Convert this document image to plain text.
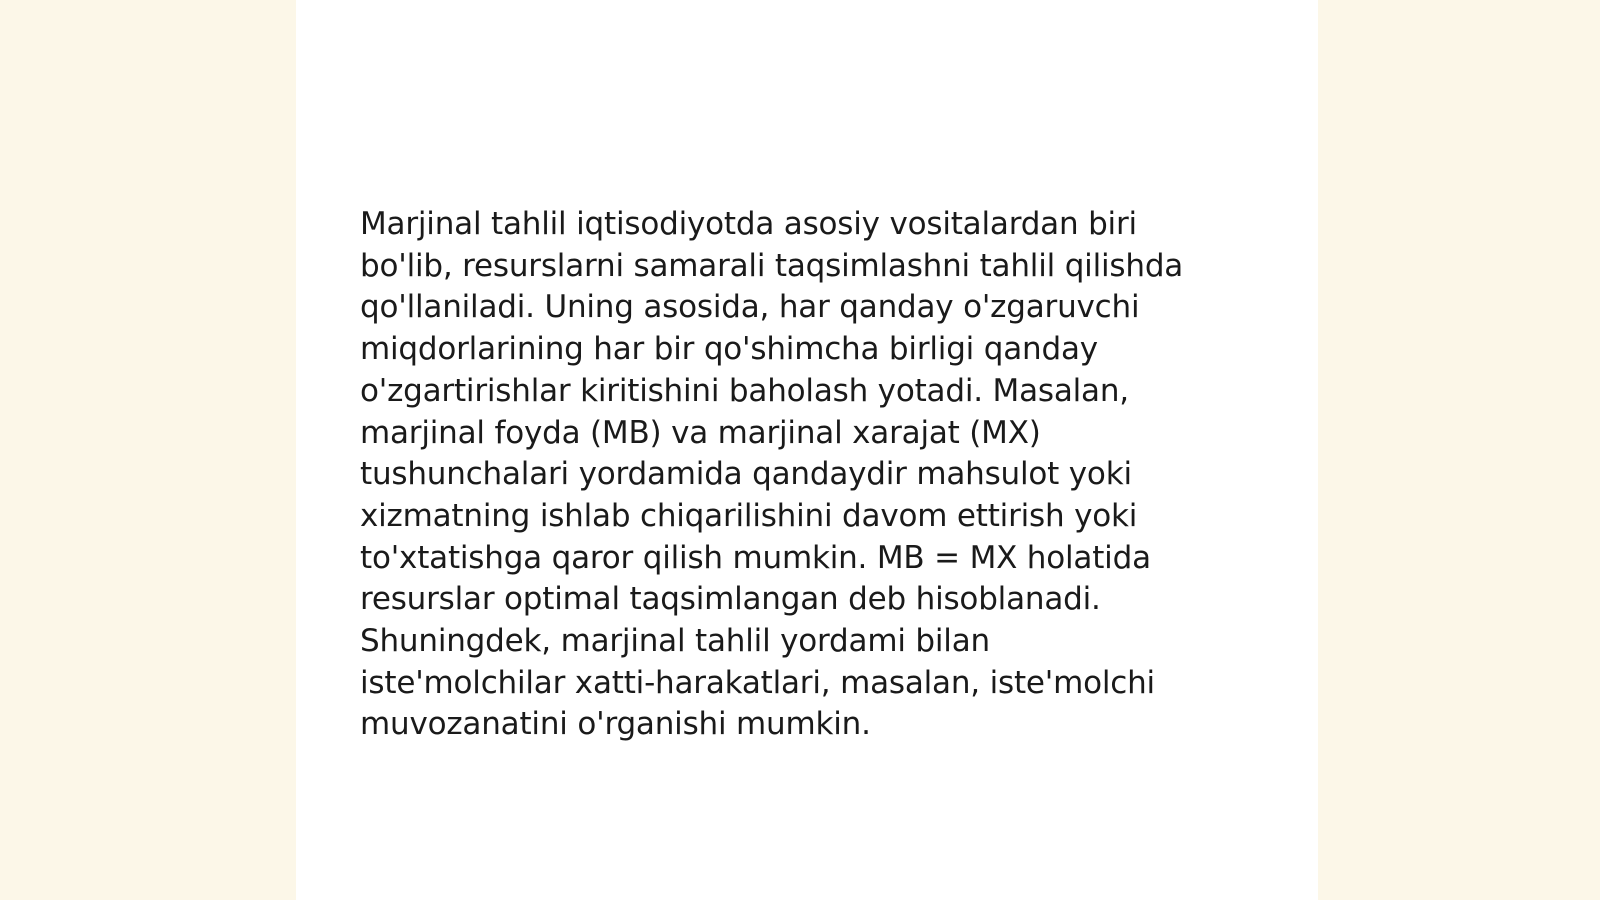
Marjinal tahlil iqtisodiyotda asosiy vositalardan biri
bo'lib, resurslarni samarali taqsimlashni tahlil qilishda
qo'llaniladi. Uning asosida, har qanday o'zgaruvchi
miqdorlarining har bir qo'shimcha birligi qanday
o'zgartirishlar kiritishini baholash yotadi. Masalan,
marjinal foyda (MB) va marjinal xarajat (MX)
tushunchalari yordamida qandaydir mahsulot yoki
xizmatning ishlab chiqarilishini davom ettirish yoki
to'xtatishga qaror qilish mumkin. MB = MX holatida
resurslar optimal taqsimlangan deb hisoblanadi.
Shuningdek, marjinal tahlil yordami bilan
iste'molchilar xatti-harakatlari, masalan, iste'molchi
muvozanatini o'rganishi mumkin.
